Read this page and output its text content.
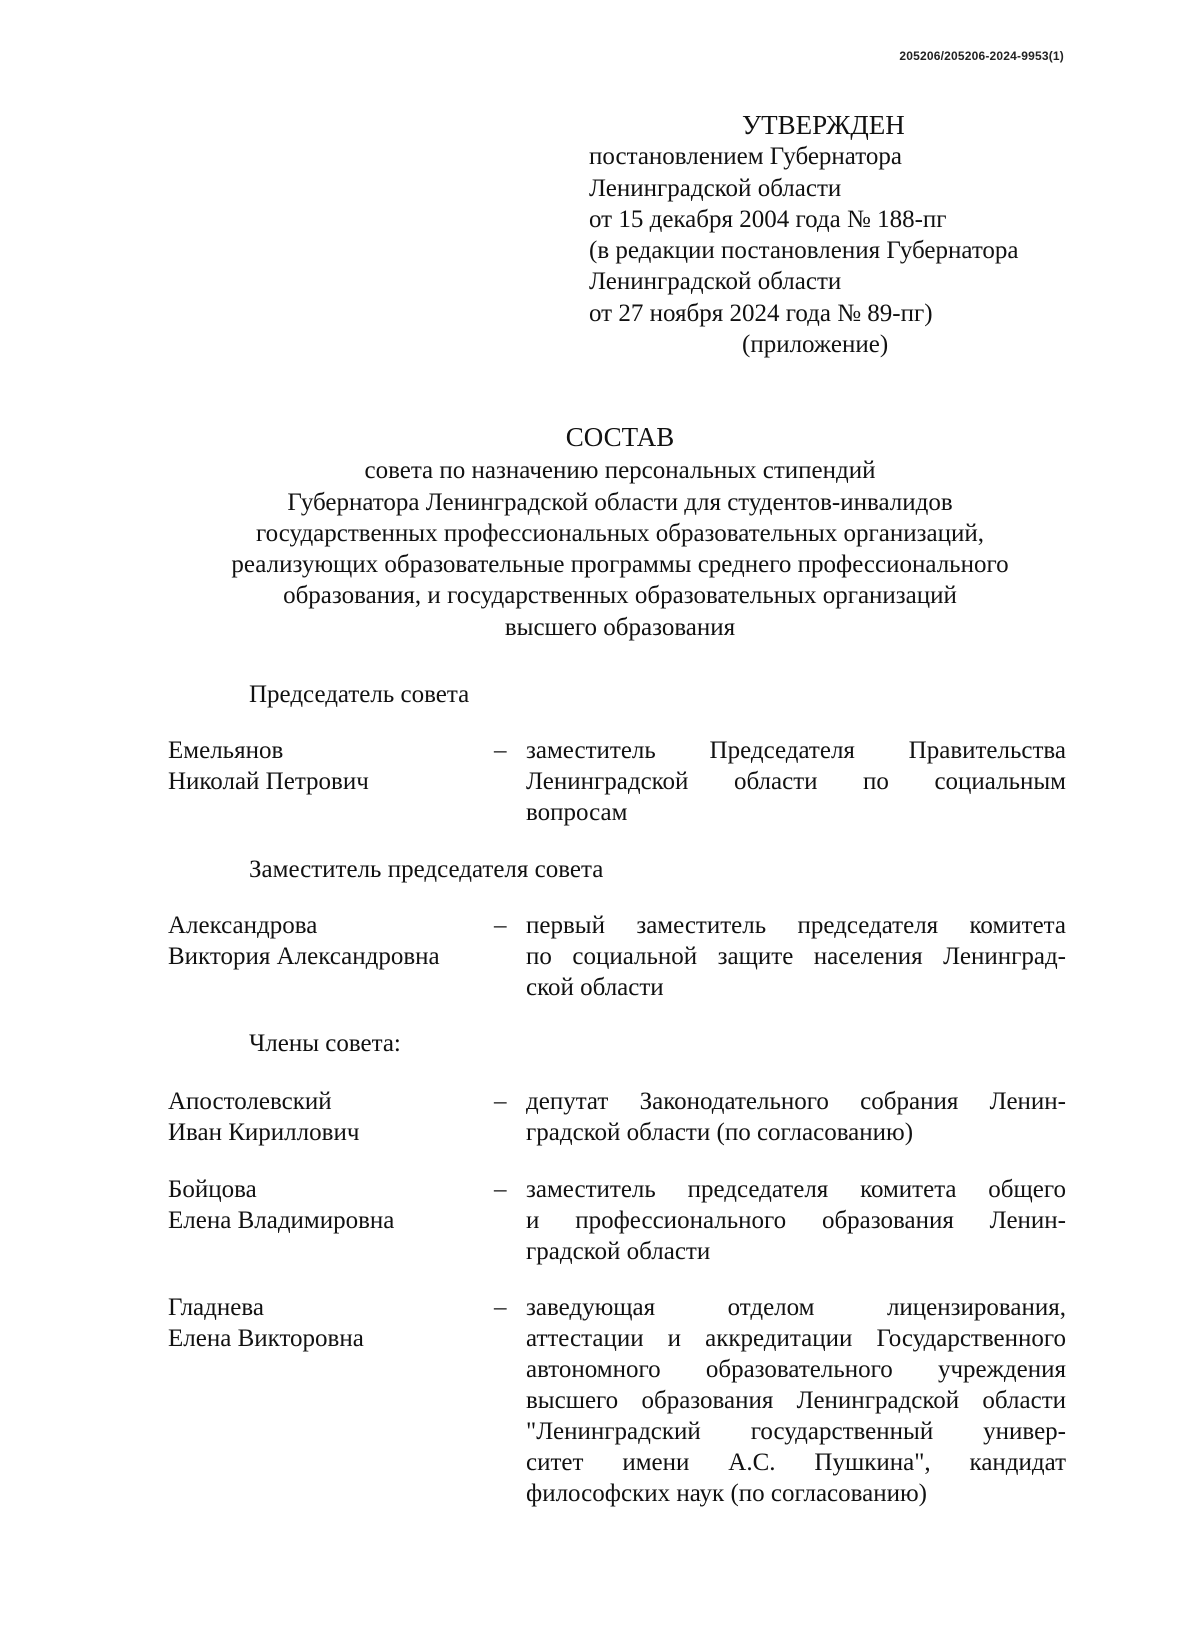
205206/205206-2024-9953(1)
УТВЕРЖДЕН
постановлением Губернатора
Ленинградской области
от 15 декабря 2004 года № 188-пг
(в редакции постановления Губернатора
Ленинградской области
от 27 ноября 2024 года № 89-пг)
(приложение)
СОСТАВ
совета по назначению персональных стипендий
Губернатора Ленинградской области для студентов-инвалидов
государственных профессиональных образовательных организаций,
реализующих образовательные программы среднего профессионального
образования, и государственных образовательных организаций
высшего образования
Председатель совета
Емельянов
Николай Петрович
– заместитель Председателя Правительства
Ленинградской области по социальным
вопросам
Заместитель председателя совета
Александрова
Виктория Александровна
– первый заместитель председателя комитета
по социальной защите населения Ленинград-
ской области
Члены совета:
Апостолевский
Иван Кириллович
– депутат Законодательного собрания Ленин-
градской области (по согласованию)
Бойцова
Елена Владимировна
– заместитель председателя комитета общего
и профессионального образования Ленин-
градской области
Гладнева
Елена Викторовна
– заведующая отделом лицензирования,
аттестации и аккредитации Государственного
автономного образовательного учреждения
высшего образования Ленинградской области
"Ленинградский государственный универ-
ситет имени А.С. Пушкина", кандидат
философских наук (по согласованию)
